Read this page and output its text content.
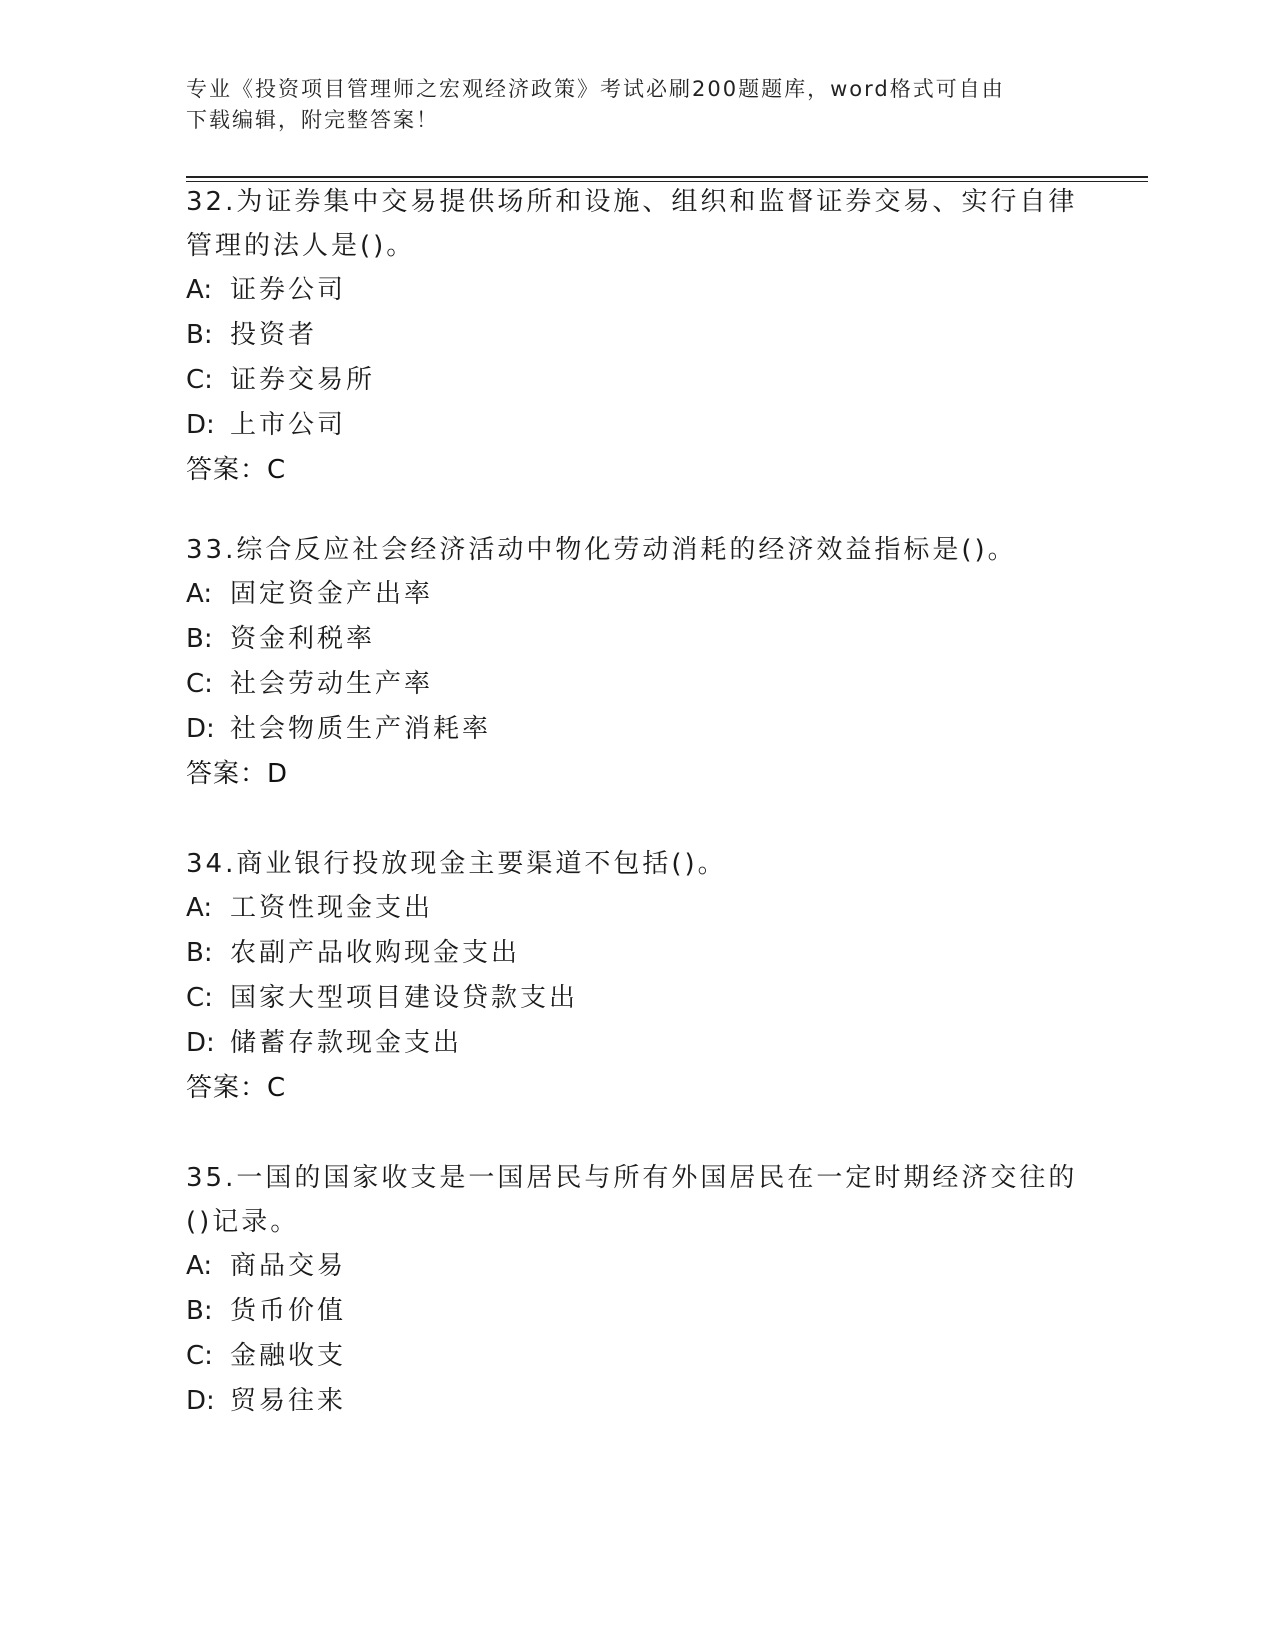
专业《投资项目管理师之宏观经济政策》考试必刷200题题库，word格式可自由
下载编辑，附完整答案！

32.为证券集中交易提供场所和设施、组织和监督证券交易、实行自律

管理的法人是()。

A: 证券公司

B: 投资者

C: 证券交易所

D: 上市公司

答案：C

33.综合反应社会经济活动中物化劳动消耗的经济效益指标是()。

A: 固定资金产出率

B: 资金利税率

C: 社会劳动生产率

D: 社会物质生产消耗率

答案：D

34.商业银行投放现金主要渠道不包括()。

A: 工资性现金支出

B: 农副产品收购现金支出

C: 国家大型项目建设贷款支出

D: 储蓄存款现金支出

答案：C

35.一国的国家收支是一国居民与所有外国居民在一定时期经济交往的

()记录。

A: 商品交易

B: 货币价值

C: 金融收支

D: 贸易往来
